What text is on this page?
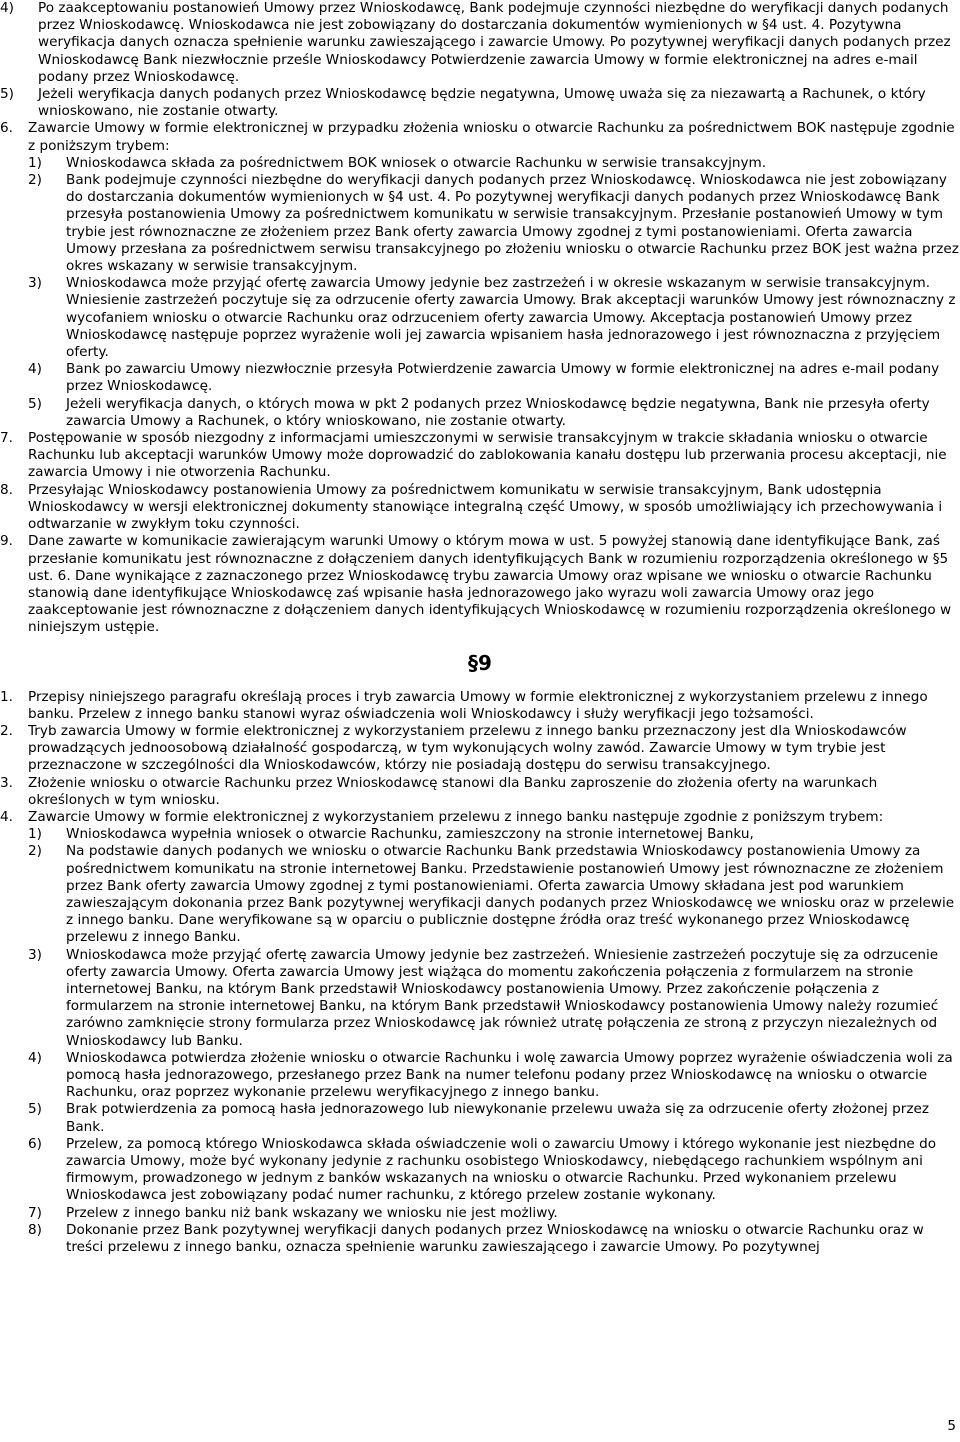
4) Po zaakceptowaniu postanowień Umowy przez Wnioskodawcę, Bank podejmuje czynności niezbędne do weryfikacji danych podanych przez Wnioskodawcę. Wnioskodawca nie jest zobowiązany do dostarczania dokumentów wymienionych w §4 ust. 4. Pozytywna weryfikacja danych oznacza spełnienie warunku zawieszającego i zawarcie Umowy. Po pozytywnej weryfikacji danych podanych przez Wnioskodawcę Bank niezwłocznie prześle Wnioskodawcy Potwierdzenie zawarcia Umowy w formie elektronicznej na adres e-mail podany przez Wnioskodawcę.
5) Jeżeli weryfikacja danych podanych przez Wnioskodawcę będzie negatywna, Umowę uważa się za niezawartą a Rachunek, o który wnioskowano, nie zostanie otwarty.
6. Zawarcie Umowy w formie elektronicznej w przypadku złożenia wniosku o otwarcie Rachunku za pośrednictwem BOK następuje zgodnie z poniższym trybem:
1) Wnioskodawca składa za pośrednictwem BOK wniosek o otwarcie Rachunku w serwisie transakcyjnym.
2) Bank podejmuje czynności niezbędne do weryfikacji danych podanych przez Wnioskodawcę. Wnioskodawca nie jest zobowiązany do dostarczania dokumentów wymienionych w §4 ust. 4. Po pozytywnej weryfikacji danych podanych przez Wnioskodawcę Bank przesyła postanowienia Umowy za pośrednictwem komunikatu w serwisie transakcyjnym. Przesłanie postanowień Umowy w tym trybie jest równoznaczne ze złożeniem przez Bank oferty zawarcia Umowy zgodnej z tymi postanowieniami. Oferta zawarcia Umowy przesłana za pośrednictwem serwisu transakcyjnego po złożeniu wniosku o otwarcie Rachunku przez BOK jest ważna przez okres wskazany w serwisie transakcyjnym.
3) Wnioskodawca może przyjąć ofertę zawarcia Umowy jedynie bez zastrzeżeń i w okresie wskazanym w serwisie transakcyjnym. Wniesienie zastrzeżeń poczytuje się za odrzucenie oferty zawarcia Umowy. Brak akceptacji warunków Umowy jest równoznaczny z wycofaniem wniosku o otwarcie Rachunku oraz odrzuceniem oferty zawarcia Umowy. Akceptacja postanowień Umowy przez Wnioskodawcę następuje poprzez wyrażenie woli jej zawarcia wpisaniem hasła jednorazowego i jest równoznaczna z przyjęciem oferty.
4) Bank po zawarciu Umowy niezwłocznie przesyła Potwierdzenie zawarcia Umowy w formie elektronicznej na adres e-mail podany przez Wnioskodawcę.
5) Jeżeli weryfikacja danych, o których mowa w pkt 2 podanych przez Wnioskodawcę będzie negatywna, Bank nie przesyła oferty zawarcia Umowy a Rachunek, o który wnioskowano, nie zostanie otwarty.
7. Postępowanie w sposób niezgodny z informacjami umieszczonymi w serwisie transakcyjnym w trakcie składania wniosku o otwarcie Rachunku lub akceptacji warunków Umowy może doprowadzić do zablokowania kanału dostępu lub przerwania procesu akceptacji, nie zawarcia Umowy i nie otworzenia Rachunku.
8. Przesyłając Wnioskodawcy postanowienia Umowy za pośrednictwem komunikatu w serwisie transakcyjnym, Bank udostępnia Wnioskodawcy w wersji elektronicznej dokumenty stanowiące integralną część Umowy, w sposób umożliwiający ich przechowywania i odtwarzanie w zwykłym toku czynności.
9. Dane zawarte w komunikacie zawierającym warunki Umowy o którym mowa w ust. 5 powyżej stanowią dane identyfikujące Bank, zaś przesłanie komunikatu jest równoznaczne z dołączeniem danych identyfikujących Bank w rozumieniu rozporządzenia określonego w §5 ust. 6. Dane wynikające z zaznaczonego przez Wnioskodawcę trybu zawarcia Umowy oraz wpisane we wniosku o otwarcie Rachunku stanowią dane identyfikujące Wnioskodawcę zaś wpisanie hasła jednorazowego jako wyrazu woli zawarcia Umowy oraz jego zaakceptowanie jest równoznaczne z dołączeniem danych identyfikujących Wnioskodawcę w rozumieniu rozporządzenia określonego w niniejszym ustępie.
§9
1. Przepisy niniejszego paragrafu określają proces i tryb zawarcia Umowy w formie elektronicznej z wykorzystaniem przelewu z innego banku. Przelew z innego banku stanowi wyraz oświadczenia woli Wnioskodawcy i służy weryfikacji jego tożsamości.
2. Tryb zawarcia Umowy w formie elektronicznej z wykorzystaniem przelewu z innego banku przeznaczony jest dla Wnioskodawców prowadzących jednoosobową działalność gospodarczą, w tym wykonujących wolny zawód. Zawarcie Umowy w tym trybie jest przeznaczone w szczególności dla Wnioskodawców, którzy nie posiadają dostępu do serwisu transakcyjnego.
3. Złożenie wniosku o otwarcie Rachunku przez Wnioskodawcę stanowi dla Banku zaproszenie do złożenia oferty na warunkach określonych w tym wniosku.
4. Zawarcie Umowy w formie elektronicznej z wykorzystaniem przelewu z innego banku następuje zgodnie z poniższym trybem:
1) Wnioskodawca wypełnia wniosek o otwarcie Rachunku, zamieszczony na stronie internetowej Banku,
2) Na podstawie danych podanych we wniosku o otwarcie Rachunku Bank przedstawia Wnioskodawcy postanowienia Umowy za pośrednictwem komunikatu na stronie internetowej Banku. Przedstawienie postanowień Umowy jest równoznaczne ze złożeniem przez Bank oferty zawarcia Umowy zgodnej z tymi postanowieniami. Oferta zawarcia Umowy składana jest pod warunkiem zawieszającym dokonania przez Bank pozytywnej weryfikacji danych podanych przez Wnioskodawcę we wniosku oraz w przelewie z innego banku. Dane weryfikowane są w oparciu o publicznie dostępne źródła oraz treść wykonanego przez Wnioskodawcę przelewu z innego Banku.
3) Wnioskodawca może przyjąć ofertę zawarcia Umowy jedynie bez zastrzeżeń. Wniesienie zastrzeżeń poczytuje się za odrzucenie oferty zawarcia Umowy. Oferta zawarcia Umowy jest wiążąca do momentu zakończenia połączenia z formularzem na stronie internetowej Banku, na którym Bank przedstawił Wnioskodawcy postanowienia Umowy. Przez zakończenie połączenia z formularzem na stronie internetowej Banku, na którym Bank przedstawił Wnioskodawcy postanowienia Umowy należy rozumieć zarówno zamknięcie strony formularza przez Wnioskodawcę jak również utratę połączenia ze stroną z przyczyn niezależnych od Wnioskodawcy lub Banku.
4) Wnioskodawca potwierdza złożenie wniosku o otwarcie Rachunku i wolę zawarcia Umowy poprzez wyrażenie oświadczenia woli za pomocą hasła jednorazowego, przesłanego przez Bank na numer telefonu podany przez Wnioskodawcę na wniosku o otwarcie Rachunku, oraz poprzez wykonanie przelewu weryfikacyjnego z innego banku.
5) Brak potwierdzenia za pomocą hasła jednorazowego lub niewykonanie przelewu uważa się za odrzucenie oferty złożonej przez Bank.
6) Przelew, za pomocą którego Wnioskodawca składa oświadczenie woli o zawarciu Umowy i którego wykonanie jest niezbędne do zawarcia Umowy, może być wykonany jedynie z rachunku osobistego Wnioskodawcy, niebędącego rachunkiem wspólnym ani firmowym, prowadzonego w jednym z banków wskazanych na wniosku o otwarcie Rachunku. Przed wykonaniem przelewu Wnioskodawca jest zobowiązany podać numer rachunku, z którego przelew zostanie wykonany.
7) Przelew z innego banku niż bank wskazany we wniosku nie jest możliwy.
8) Dokonanie przez Bank pozytywnej weryfikacji danych podanych przez Wnioskodawcę na wniosku o otwarcie Rachunku oraz w treści przelewu z innego banku, oznacza spełnienie warunku zawieszającego i zawarcie Umowy. Po pozytywnej
5
